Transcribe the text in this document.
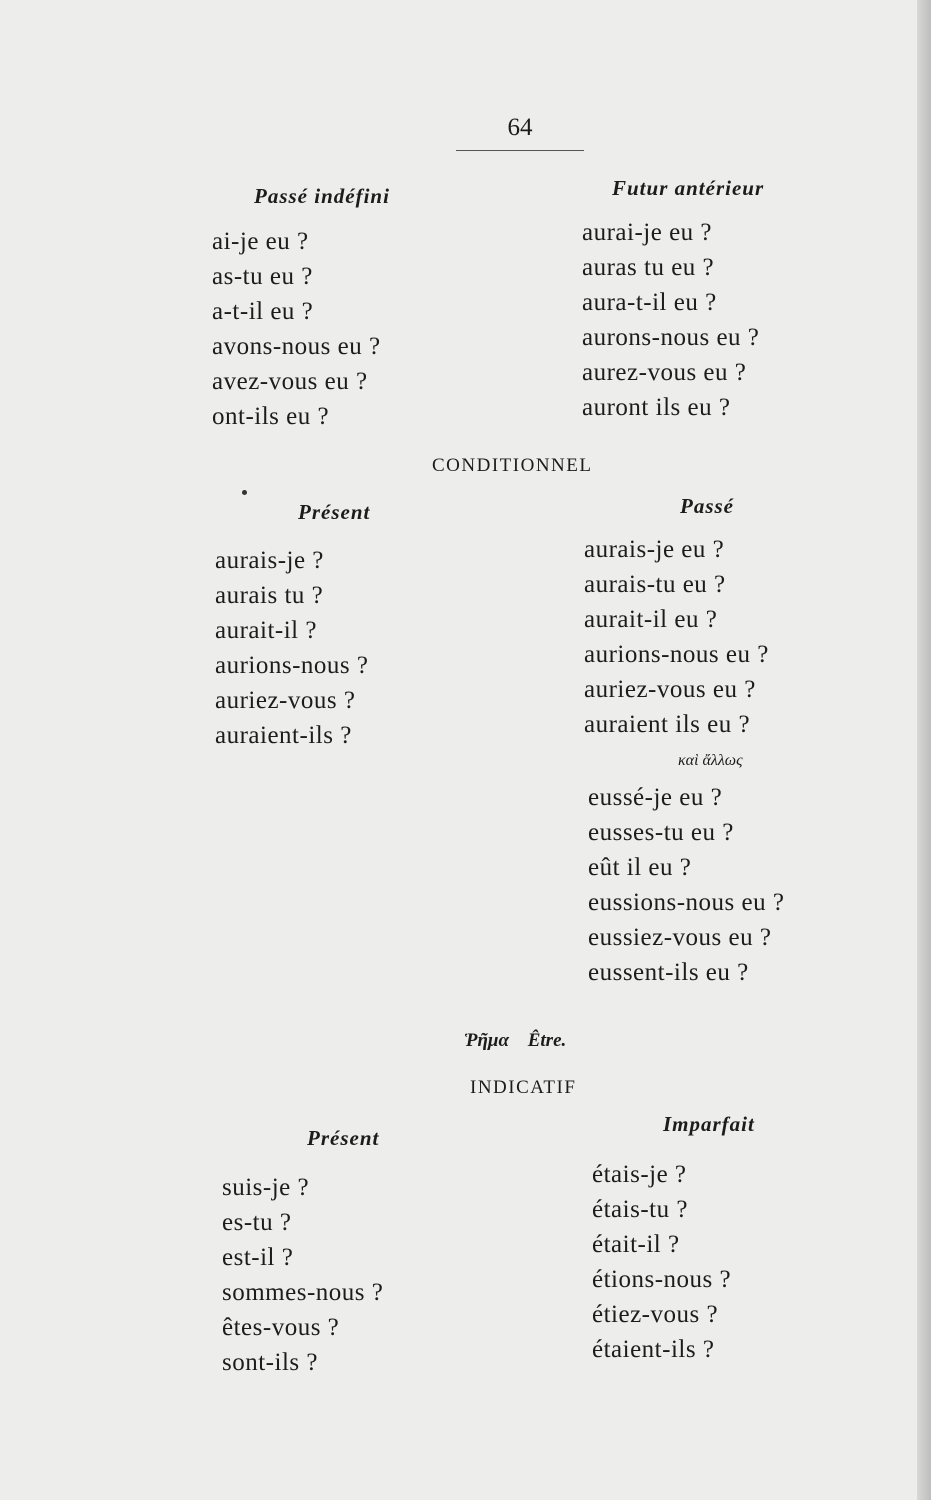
64
Passé indéfini
ai-je eu ?
as-tu eu ?
a-t-il eu ?
avons-nous eu ?
avez-vous eu ?
ont-ils eu ?
Futur antérieur
aurai-je eu ?
auras tu eu ?
aura-t-il eu ?
aurons-nous eu ?
aurez-vous eu ?
auront ils eu ?
CONDITIONNEL
Présent
aurais-je ?
aurais tu ?
aurait-il ?
aurions-nous ?
auriez-vous ?
auraient-ils ?
Passé
aurais-je eu ?
aurais-tu eu ?
aurait-il eu ?
aurions-nous eu ?
auriez-vous eu ?
auraient ils eu ?
καὶ ἄλλως
eussé-je eu ?
eusses-tu eu ?
eût il eu ?
eussions-nous eu ?
eussiez-vous eu ?
eussent-ils eu ?
Ῥῆμα Être.
INDICATIF
Présent
suis-je ?
es-tu ?
est-il ?
sommes-nous ?
êtes-vous ?
sont-ils ?
Imparfait
étais-je ?
étais-tu ?
était-il ?
étions-nous ?
étiez-vous ?
étaient-ils ?
